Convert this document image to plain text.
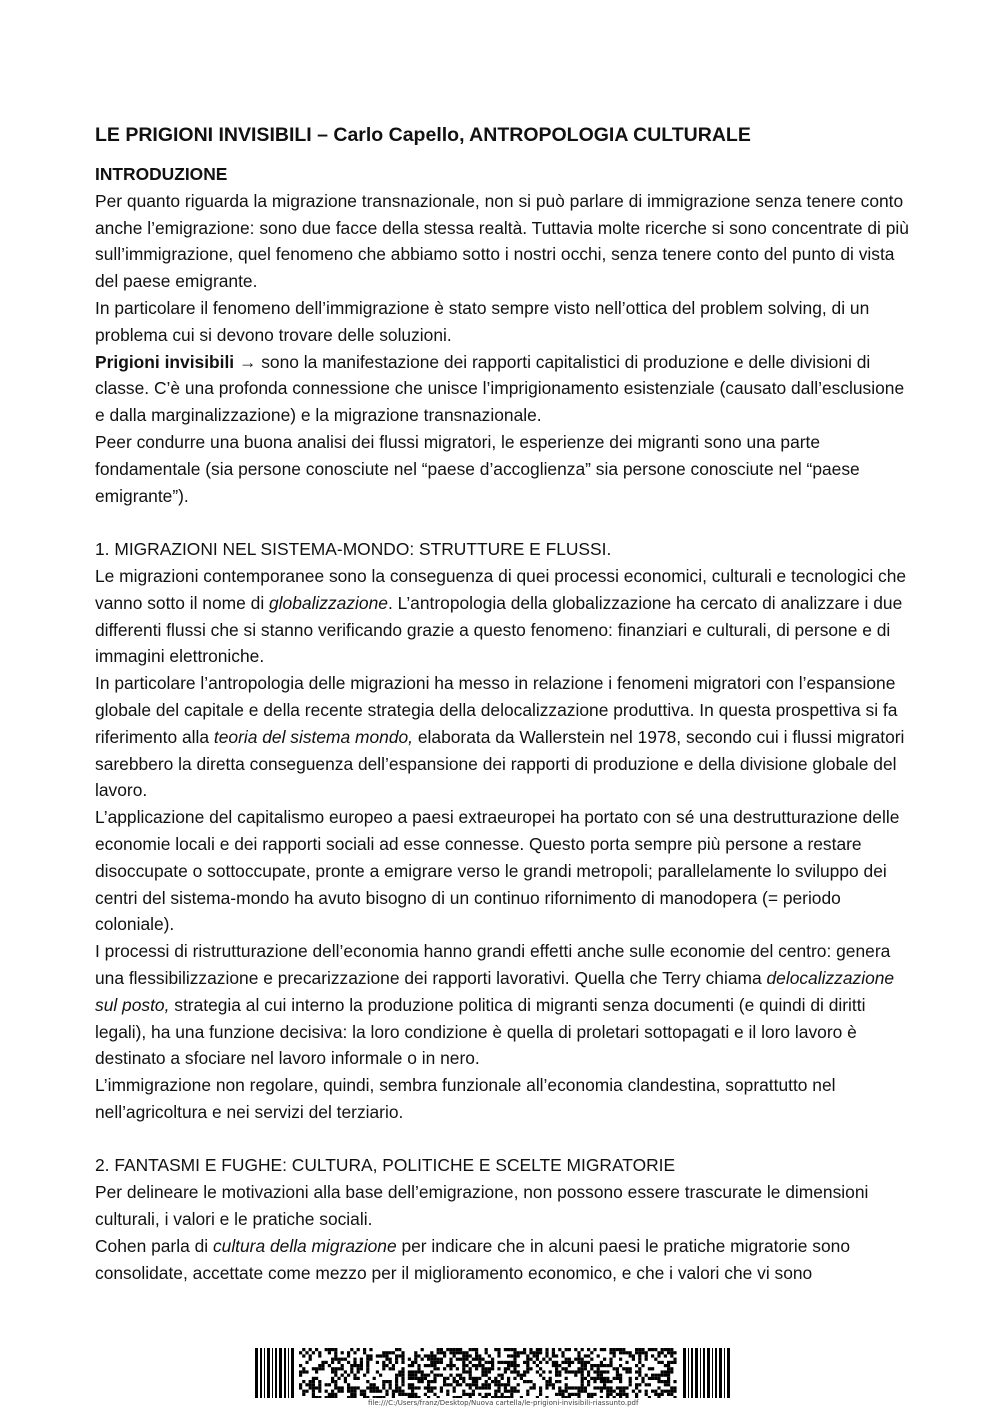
LE PRIGIONI INVISIBILI – Carlo Capello, ANTROPOLOGIA CULTURALE
INTRODUZIONE

Per quanto riguarda la migrazione transnazionale, non si può parlare di immigrazione senza tenere conto anche l’emigrazione: sono due facce della stessa realtà. Tuttavia molte ricerche si sono concentrate di più sull’immigrazione, quel fenomeno che abbiamo sotto i nostri occhi, senza tenere conto del punto di vista del paese emigrante.

In particolare il fenomeno dell’immigrazione è stato sempre visto nell’ottica del problem solving, di un problema cui si devono trovare delle soluzioni.

Prigioni invisibili → sono la manifestazione dei rapporti capitalistici di produzione e delle divisioni di classe. C’è una profonda connessione che unisce l’imprigionamento esistenziale (causato dall’esclusione e dalla marginalizzazione) e la migrazione transnazionale.

Peer condurre una buona analisi dei flussi migratori, le esperienze dei migranti sono una parte fondamentale (sia persone conosciute nel “paese d’accoglienza” sia persone conosciute nel “paese emigrante”).

1. MIGRAZIONI NEL SISTEMA-MONDO: STRUTTURE E FLUSSI.

Le migrazioni contemporanee sono la conseguenza di quei processi economici, culturali e tecnologici che vanno sotto il nome di globalizzazione. L’antropologia della globalizzazione ha cercato di analizzare i due differenti flussi che si stanno verificando grazie a questo fenomeno: finanziari e culturali, di persone e di immagini elettroniche.

In particolare l’antropologia delle migrazioni ha messo in relazione i fenomeni migratori con l’espansione globale del capitale e della recente strategia della delocalizzazione produttiva. In questa prospettiva si fa riferimento alla teoria del sistema mondo, elaborata da Wallerstein nel 1978, secondo cui i flussi migratori sarebbero la diretta conseguenza dell’espansione dei rapporti di produzione e della divisione globale del lavoro.

L’applicazione del capitalismo europeo a paesi extraeuropei ha portato con sé una destrutturazione delle economie locali e dei rapporti sociali ad esse connesse. Questo porta sempre più persone a restare disoccupate o sottoccupate, pronte a emigrare verso le grandi metropoli; parallelamente lo sviluppo dei centri del sistema-mondo ha avuto bisogno di un continuo rifornimento di manodopera (= periodo coloniale).

I processi di ristrutturazione dell’economia hanno grandi effetti anche sulle economie del centro: genera una flessibilizzazione e precarizzazione dei rapporti lavorativi. Quella che Terry chiama delocalizzazione sul posto, strategia al cui interno la produzione politica di migranti senza documenti (e quindi di diritti legali), ha una funzione decisiva: la loro condizione è quella di proletari sottopagati e il loro lavoro è destinato a sfociare nel lavoro informale o in nero.

L’immigrazione non regolare, quindi, sembra funzionale all’economia clandestina, soprattutto nel nell’agricoltura e nei servizi del terziario.

2. FANTASMI E FUGHE: CULTURA, POLITICHE E SCELTE MIGRATORIE

Per delineare le motivazioni alla base dell’emigrazione, non possono essere trascurate le dimensioni culturali, i valori e le pratiche sociali.

Cohen parla di cultura della migrazione per indicare che in alcuni paesi le pratiche migratorie sono consolidate, accettate come mezzo per il miglioramento economico, e che i valori che vi sono

file:///C:/Users/franz/Desktop/Nuova cartella/le-prigioni-invisibili-riassunto.pdf
